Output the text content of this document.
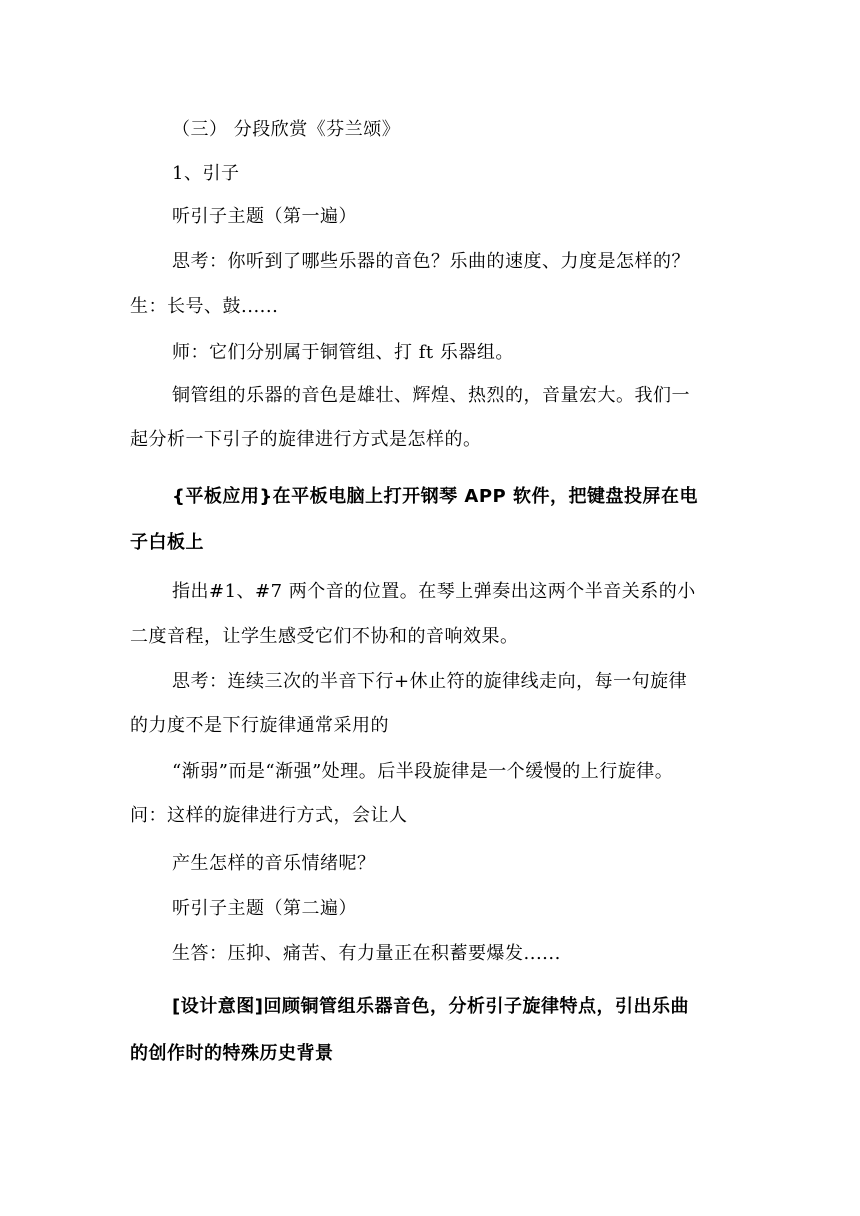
（三） 分段欣赏《芬兰颂》
1、引子
听引子主题（第一遍）
思考：你听到了哪些乐器的音色？乐曲的速度、力度是怎样的？
生：长号、鼓......
师：它们分别属于铜管组、打 ft 乐器组。
铜管组的乐器的音色是雄壮、辉煌、热烈的，音量宏大。我们一
起分析一下引子的旋律进行方式是怎样的。
{平板应用}在平板电脑上打开钢琴 APP 软件，把键盘投屏在电
子白板上
指出#1、#7 两个音的位置。在琴上弹奏出这两个半音关系的小
二度音程，让学生感受它们不协和的音响效果。
思考：连续三次的半音下行+休止符的旋律线走向，每一句旋律
的力度不是下行旋律通常采用的
“渐弱”而是“渐强”处理。后半段旋律是一个缓慢的上行旋律。
问：这样的旋律进行方式，会让人
产生怎样的音乐情绪呢？
听引子主题（第二遍）
生答：压抑、痛苦、有力量正在积蓄要爆发......
[设计意图]回顾铜管组乐器音色，分析引子旋律特点，引出乐曲
的创作时的特殊历史背景
